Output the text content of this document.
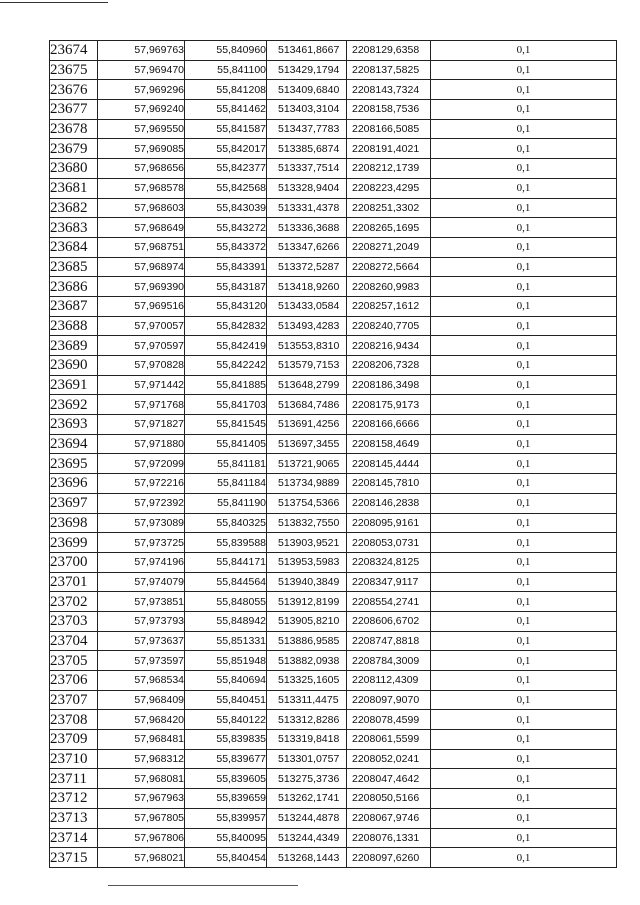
23674	57,969763	55,840960	513461,8667	2208129,6358	0,1
23675	57,969470	55,841100	513429,1794	2208137,5825	0,1
23676	57,969296	55,841208	513409,6840	2208143,7324	0,1
23677	57,969240	55,841462	513403,3104	2208158,7536	0,1
23678	57,969550	55,841587	513437,7783	2208166,5085	0,1
23679	57,969085	55,842017	513385,6874	2208191,4021	0,1
23680	57,968656	55,842377	513337,7514	2208212,1739	0,1
23681	57,968578	55,842568	513328,9404	2208223,4295	0,1
23682	57,968603	55,843039	513331,4378	2208251,3302	0,1
23683	57,968649	55,843272	513336,3688	2208265,1695	0,1
23684	57,968751	55,843372	513347,6266	2208271,2049	0,1
23685	57,968974	55,843391	513372,5287	2208272,5664	0,1
23686	57,969390	55,843187	513418,9260	2208260,9983	0,1
23687	57,969516	55,843120	513433,0584	2208257,1612	0,1
23688	57,970057	55,842832	513493,4283	2208240,7705	0,1
23689	57,970597	55,842419	513553,8310	2208216,9434	0,1
23690	57,970828	55,842242	513579,7153	2208206,7328	0,1
23691	57,971442	55,841885	513648,2799	2208186,3498	0,1
23692	57,971768	55,841703	513684,7486	2208175,9173	0,1
23693	57,971827	55,841545	513691,4256	2208166,6666	0,1
23694	57,971880	55,841405	513697,3455	2208158,4649	0,1
23695	57,972099	55,841181	513721,9065	2208145,4444	0,1
23696	57,972216	55,841184	513734,9889	2208145,7810	0,1
23697	57,972392	55,841190	513754,5366	2208146,2838	0,1
23698	57,973089	55,840325	513832,7550	2208095,9161	0,1
23699	57,973725	55,839588	513903,9521	2208053,0731	0,1
23700	57,974196	55,844171	513953,5983	2208324,8125	0,1
23701	57,974079	55,844564	513940,3849	2208347,9117	0,1
23702	57,973851	55,848055	513912,8199	2208554,2741	0,1
23703	57,973793	55,848942	513905,8210	2208606,6702	0,1
23704	57,973637	55,851331	513886,9585	2208747,8818	0,1
23705	57,973597	55,851948	513882,0938	2208784,3009	0,1
23706	57,968534	55,840694	513325,1605	2208112,4309	0,1
23707	57,968409	55,840451	513311,4475	2208097,9070	0,1
23708	57,968420	55,840122	513312,8286	2208078,4599	0,1
23709	57,968481	55,839835	513319,8418	2208061,5599	0,1
23710	57,968312	55,839677	513301,0757	2208052,0241	0,1
23711	57,968081	55,839605	513275,3736	2208047,4642	0,1
23712	57,967963	55,839659	513262,1741	2208050,5166	0,1
23713	57,967805	55,839957	513244,4878	2208067,9746	0,1
23714	57,967806	55,840095	513244,4349	2208076,1331	0,1
23715	57,968021	55,840454	513268,1443	2208097,6260	0,1
